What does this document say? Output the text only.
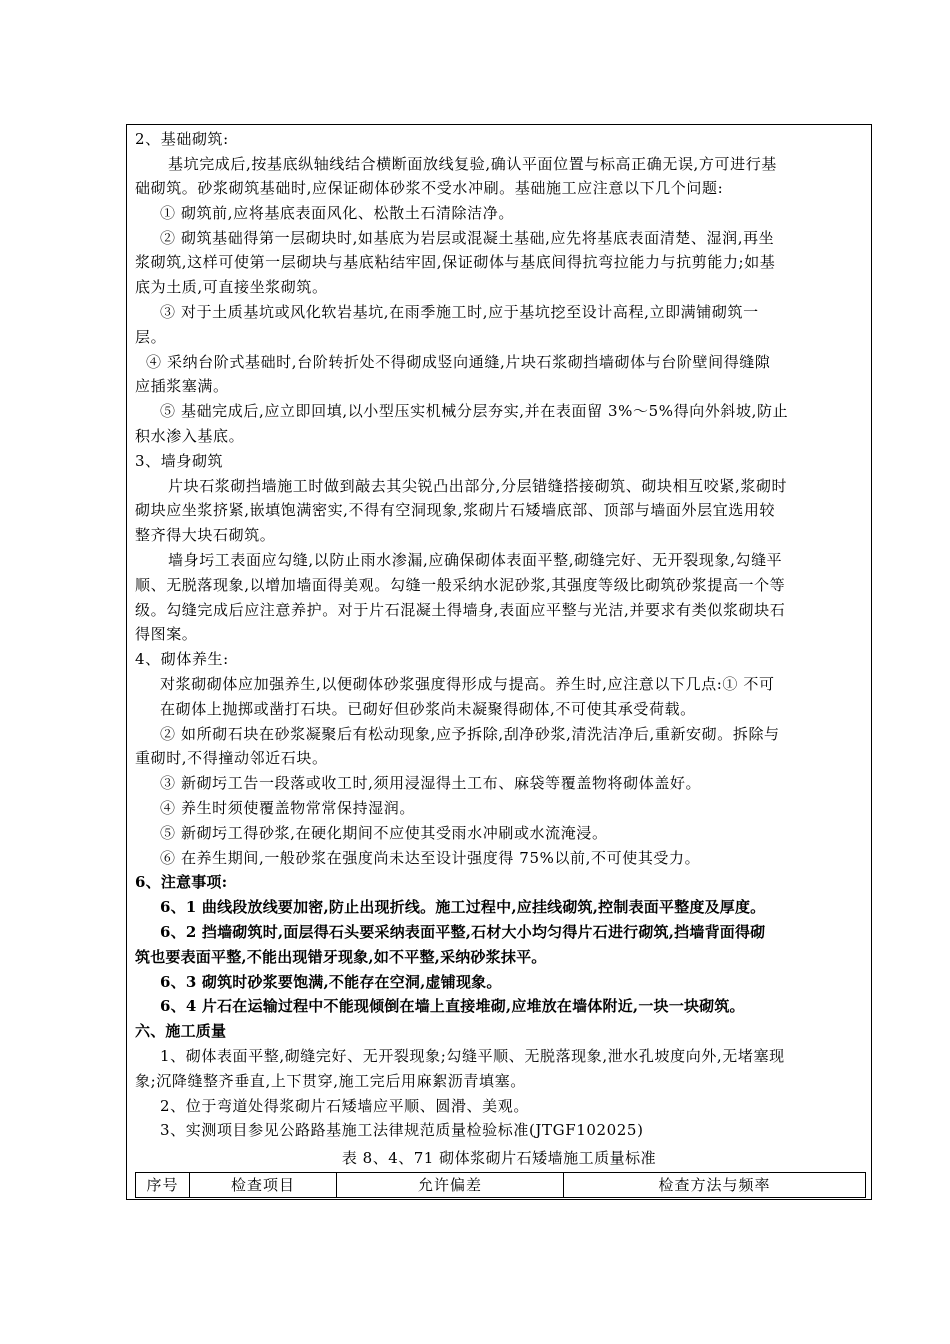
2、基础砌筑:
基坑完成后,按基底纵轴线结合横断面放线复验,确认平面位置与标高正确无误,方可进行基
础砌筑。砂浆砌筑基础时,应保证砌体砂浆不受水冲刷。基础施工应注意以下几个问题:
① 砌筑前,应将基底表面风化、松散土石清除洁净。
② 砌筑基础得第一层砌块时,如基底为岩层或混凝土基础,应先将基底表面清楚、湿润,再坐
浆砌筑,这样可使第一层砌块与基底粘结牢固,保证砌体与基底间得抗弯拉能力与抗剪能力;如基
底为土质,可直接坐浆砌筑。
③ 对于土质基坑或风化软岩基坑,在雨季施工时,应于基坑挖至设计高程,立即满铺砌筑一
层。
④ 采纳台阶式基础时,台阶转折处不得砌成竖向通缝,片块石浆砌挡墙砌体与台阶壁间得缝隙
应插浆塞满。
⑤ 基础完成后,应立即回填,以小型压实机械分层夯实,并在表面留 3%～5%得向外斜坡,防止
积水渗入基底。
3、墙身砌筑
片块石浆砌挡墙施工时做到敲去其尖锐凸出部分,分层错缝搭接砌筑、砌块相互咬紧,浆砌时
砌块应坐浆挤紧,嵌填饱满密实,不得有空洞现象,浆砌片石矮墙底部、顶部与墙面外层宜选用较
整齐得大块石砌筑。
墙身圬工表面应勾缝,以防止雨水渗漏,应确保砌体表面平整,砌缝完好、无开裂现象,勾缝平
顺、无脱落现象,以增加墙面得美观。勾缝一般采纳水泥砂浆,其强度等级比砌筑砂浆提高一个等
级。勾缝完成后应注意养护。对于片石混凝土得墙身,表面应平整与光洁,并要求有类似浆砌块石
得图案。
4、砌体养生:
对浆砌砌体应加强养生,以便砌体砂浆强度得形成与提高。养生时,应注意以下几点:① 不可
在砌体上抛掷或凿打石块。已砌好但砂浆尚未凝聚得砌体,不可使其承受荷载。
② 如所砌石块在砂浆凝聚后有松动现象,应予拆除,刮净砂浆,清洗洁净后,重新安砌。拆除与
重砌时,不得撞动邻近石块。
③ 新砌圬工告一段落或收工时,须用浸湿得土工布、麻袋等覆盖物将砌体盖好。
④ 养生时须使覆盖物常常保持湿润。
⑤ 新砌圬工得砂浆,在硬化期间不应使其受雨水冲刷或水流淹浸。
⑥ 在养生期间,一般砂浆在强度尚未达至设计强度得 75%以前,不可使其受力。
6、注意事项:
6、1 曲线段放线要加密,防止出现折线。施工过程中,应挂线砌筑,控制表面平整度及厚度。
6、2 挡墙砌筑时,面层得石头要采纳表面平整,石材大小均匀得片石进行砌筑,挡墙背面得砌
筑也要表面平整,不能出现错牙现象,如不平整,采纳砂浆抹平。
6、3 砌筑时砂浆要饱满,不能存在空洞,虚铺现象。
6、4 片石在运输过程中不能现倾倒在墙上直接堆砌,应堆放在墙体附近,一块一块砌筑。
六、施工质量
1、砌体表面平整,砌缝完好、无开裂现象;勾缝平顺、无脱落现象,泄水孔坡度向外,无堵塞现
象;沉降缝整齐垂直,上下贯穿,施工完后用麻絮沥青填塞。
2、位于弯道处得浆砌片石矮墙应平顺、圆滑、美观。
3、实测项目参见公路路基施工法律规范质量检验标准(JTGF102025)
表 8、4、71 砌体浆砌片石矮墙施工质量标准
序号	检查项目	允许偏差	检查方法与频率
